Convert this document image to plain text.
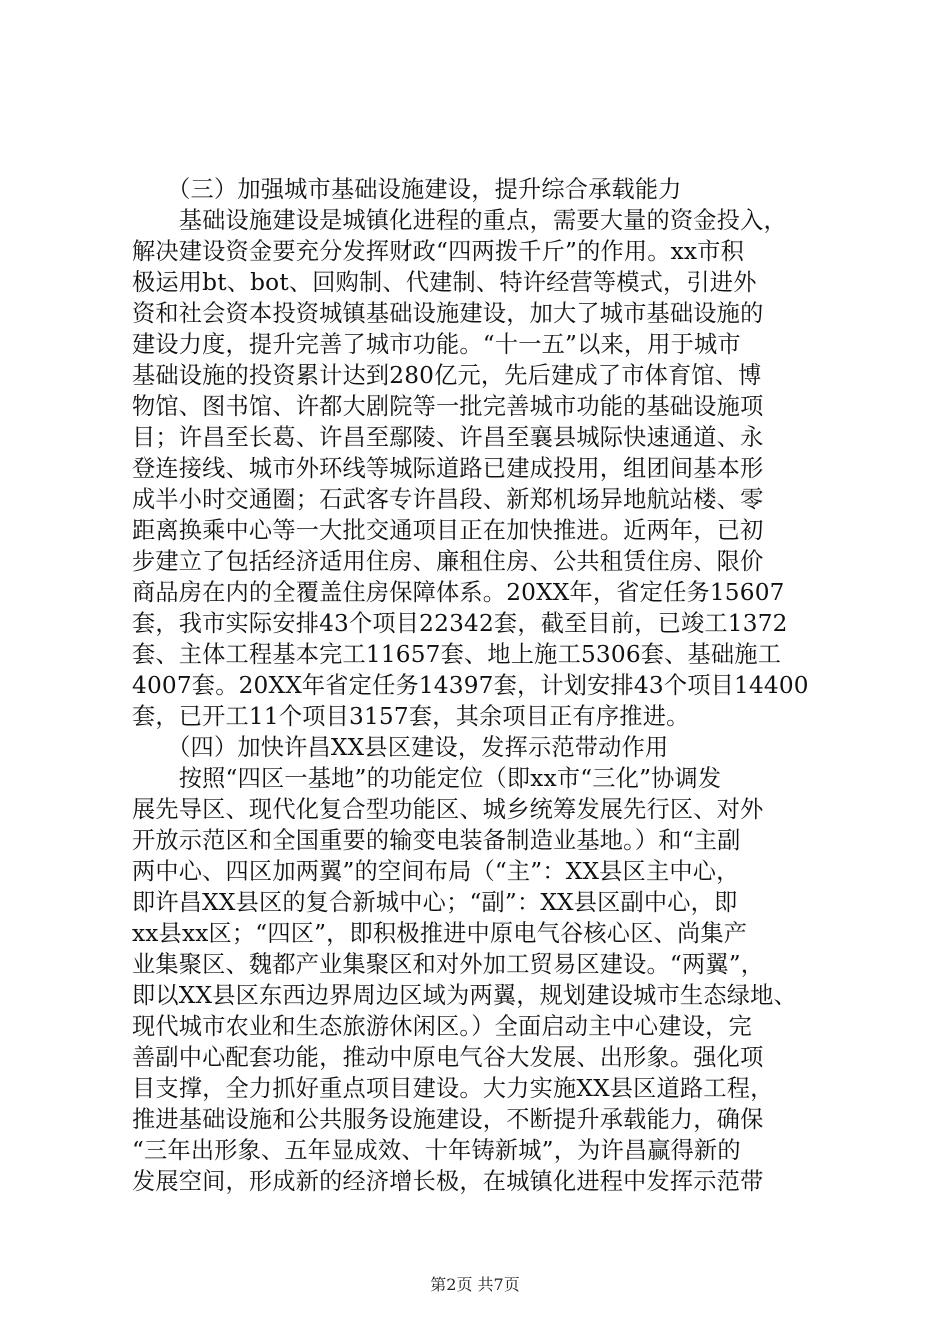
　　（三）加强城市基础设施建设，提升综合承载能力
　　基础设施建设是城镇化进程的重点，需要大量的资金投入，
解决建设资金要充分发挥财政“四两拨千斤”的作用。xx市积
极运用bt、bot、回购制、代建制、特许经营等模式，引进外
资和社会资本投资城镇基础设施建设，加大了城市基础设施的
建设力度，提升完善了城市功能。“十一五”以来，用于城市
基础设施的投资累计达到280亿元，先后建成了市体育馆、博
物馆、图书馆、许都大剧院等一批完善城市功能的基础设施项
目；许昌至长葛、许昌至鄢陵、许昌至襄县城际快速通道、永
登连接线、城市外环线等城际道路已建成投用，组团间基本形
成半小时交通圈；石武客专许昌段、新郑机场异地航站楼、零
距离换乘中心等一大批交通项目正在加快推进。近两年，已初
步建立了包括经济适用住房、廉租住房、公共租赁住房、限价
商品房在内的全覆盖住房保障体系。20XX年，省定任务15607
套，我市实际安排43个项目22342套，截至目前，已竣工1372
套、主体工程基本完工11657套、地上施工5306套、基础施工
4007套。20XX年省定任务14397套，计划安排43个项目14400
套，已开工11个项目3157套，其余项目正有序推进。
　　（四）加快许昌XX县区建设，发挥示范带动作用
　　按照“四区一基地”的功能定位（即xx市“三化”协调发
展先导区、现代化复合型功能区、城乡统筹发展先行区、对外
开放示范区和全国重要的输变电装备制造业基地。）和“主副
两中心、四区加两翼”的空间布局（“主”：XX县区主中心，
即许昌XX县区的复合新城中心；“副”：XX县区副中心，即
xx县xx区；“四区”，即积极推进中原电气谷核心区、尚集产
业集聚区、魏都产业集聚区和对外加工贸易区建设。“两翼”，
即以XX县区东西边界周边区域为两翼，规划建设城市生态绿地、
现代城市农业和生态旅游休闲区。）全面启动主中心建设，完
善副中心配套功能，推动中原电气谷大发展、出形象。强化项
目支撑，全力抓好重点项目建设。大力实施XX县区道路工程，
推进基础设施和公共服务设施建设，不断提升承载能力，确保
“三年出形象、五年显成效、十年铸新城”，为许昌赢得新的
发展空间，形成新的经济增长极，在城镇化进程中发挥示范带
第2页 共7页
